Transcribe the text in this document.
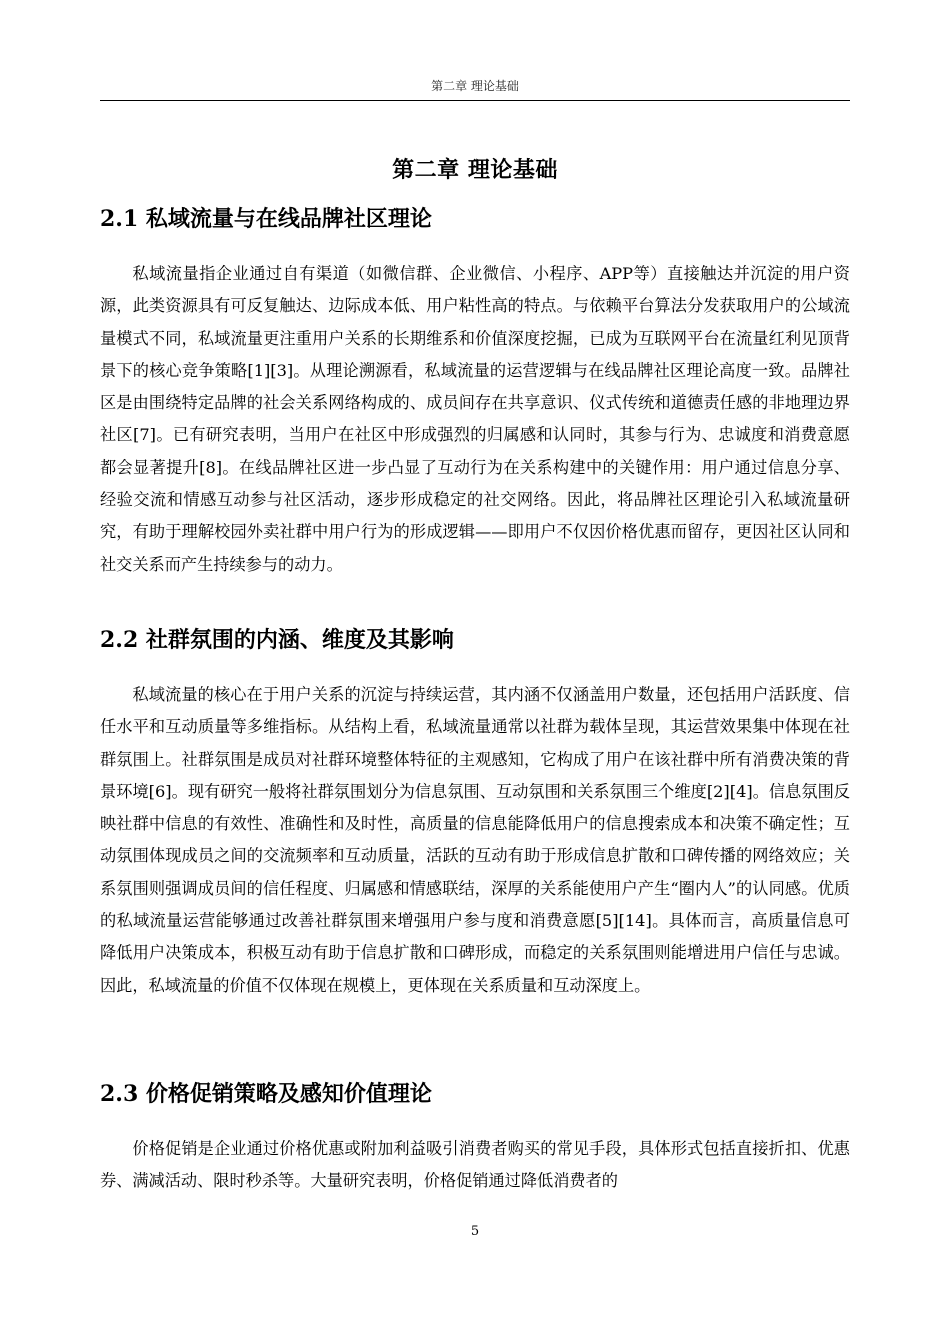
第二章 理论基础
第二章 理论基础
2.1 私域流量与在线品牌社区理论

私域流量指企业通过自有渠道（如微信群、企业微信、小程序、APP等）直接触达并沉淀的用户资源，此类资源具有可反复触达、边际成本低、用户粘性高的特点。与依赖平台算法分发获取用户的公域流量模式不同，私域流量更注重用户关系的长期维系和价值深度挖掘，已成为互联网平台在流量红利见顶背景下的核心竞争策略[1][3]。从理论溯源看，私域流量的运营逻辑与在线品牌社区理论高度一致。品牌社区是由围绕特定品牌的社会关系网络构成的、成员间存在共享意识、仪式传统和道德责任感的非地理边界社区[7]。已有研究表明，当用户在社区中形成强烈的归属感和认同时，其参与行为、忠诚度和消费意愿都会显著提升[8]。在线品牌社区进一步凸显了互动行为在关系构建中的关键作用：用户通过信息分享、经验交流和情感互动参与社区活动，逐步形成稳定的社交网络。因此，将品牌社区理论引入私域流量研究，有助于理解校园外卖社群中用户行为的形成逻辑——即用户不仅因价格优惠而留存，更因社区认同和社交关系而产生持续参与的动力。

2.2 社群氛围的内涵、维度及其影响

私域流量的核心在于用户关系的沉淀与持续运营，其内涵不仅涵盖用户数量，还包括用户活跃度、信任水平和互动质量等多维指标。从结构上看，私域流量通常以社群为载体呈现，其运营效果集中体现在社群氛围上。社群氛围是成员对社群环境整体特征的主观感知，它构成了用户在该社群中所有消费决策的背景环境[6]。现有研究一般将社群氛围划分为信息氛围、互动氛围和关系氛围三个维度[2][4]。信息氛围反映社群中信息的有效性、准确性和及时性，高质量的信息能降低用户的信息搜索成本和决策不确定性；互动氛围体现成员之间的交流频率和互动质量，活跃的互动有助于形成信息扩散和口碑传播的网络效应；关系氛围则强调成员间的信任程度、归属感和情感联结，深厚的关系能使用户产生“圈内人”的认同感。优质的私域流量运营能够通过改善社群氛围来增强用户参与度和消费意愿[5][14]。具体而言，高质量信息可降低用户决策成本，积极互动有助于信息扩散和口碑形成，而稳定的关系氛围则能增进用户信任与忠诚。因此，私域流量的价值不仅体现在规模上，更体现在关系质量和互动深度上。

2.3 价格促销策略及感知价值理论

价格促销是企业通过价格优惠或附加利益吸引消费者购买的常见手段，具体形式包括直接折扣、优惠券、满减活动、限时秒杀等。大量研究表明，价格促销通过降低消费者的

5
